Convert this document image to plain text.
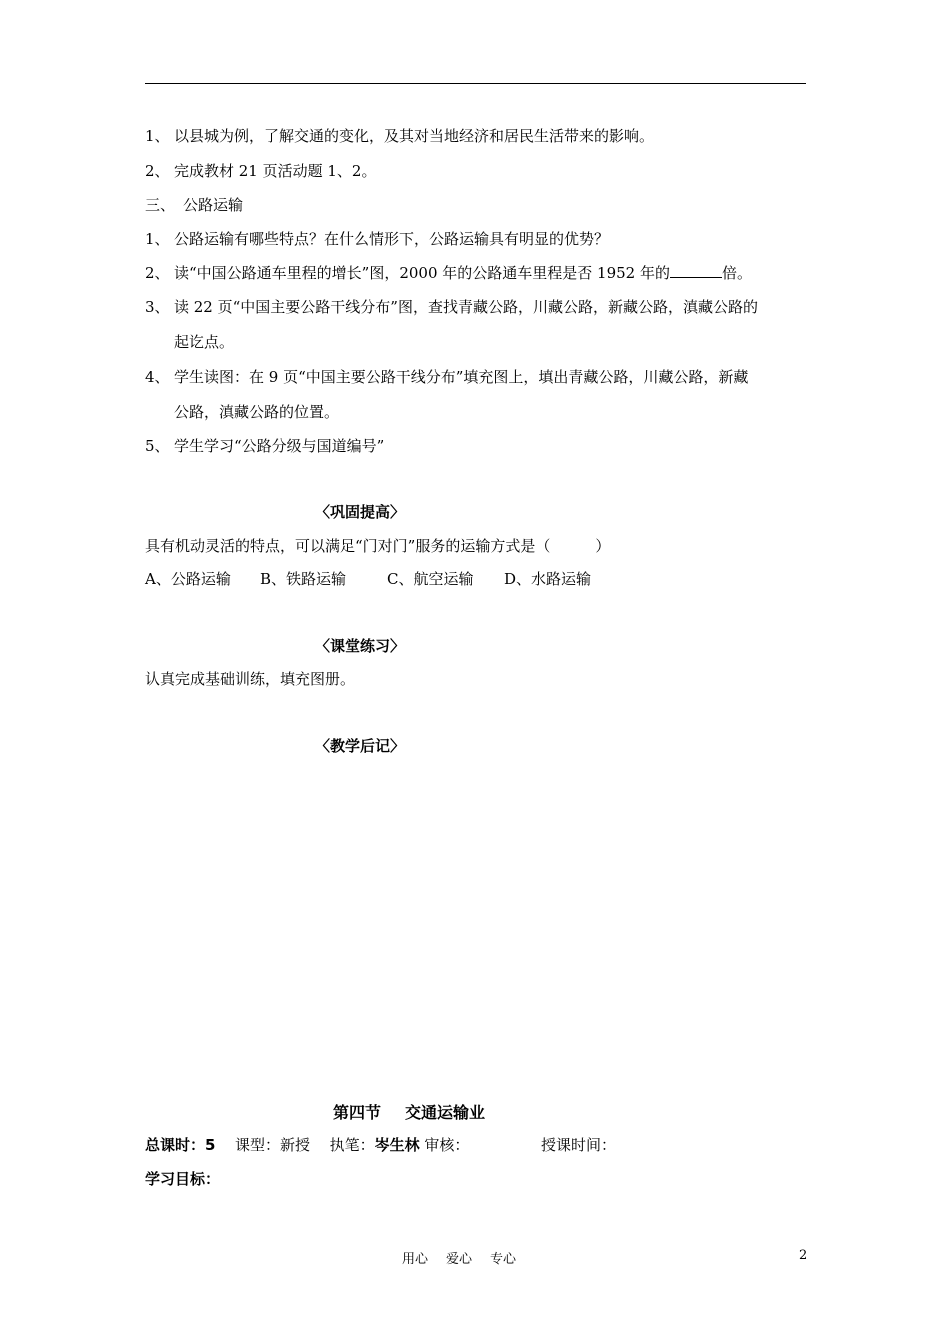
1、 以县城为例，了解交通的变化，及其对当地经济和居民生活带来的影响。
2、 完成教材 21 页活动题 1、2。
三、 公路运输
1、 公路运输有哪些特点？在什么情形下，公路运输具有明显的优势？
2、 读“中国公路通车里程的增长”图，2000 年的公路通车里程是否 1952 年的	倍。
3、 读 22 页“中国主要公路干线分布”图，查找青藏公路，川藏公路，新藏公路，滇藏公路的
起讫点。
4、 学生读图：在 9 页“中国主要公路干线分布”填充图上，填出青藏公路，川藏公路，新藏
公路，滇藏公路的位置。
5、 学生学习“公路分级与国道编号”
〈巩固提高〉
具有机动灵活的特点，可以满足“门对门”服务的运输方式是（　　　）
A、公路运输 B、铁路运输	C、航空运输 D、水路运输
〈课堂练习〉
认真完成基础训练，填充图册。
〈教学后记〉
第四节 交通运输业
总课时：5 课型：新授 执笔：岑生林 审核：	授课时间：
学习目标：
用心 爱心 专心	2
